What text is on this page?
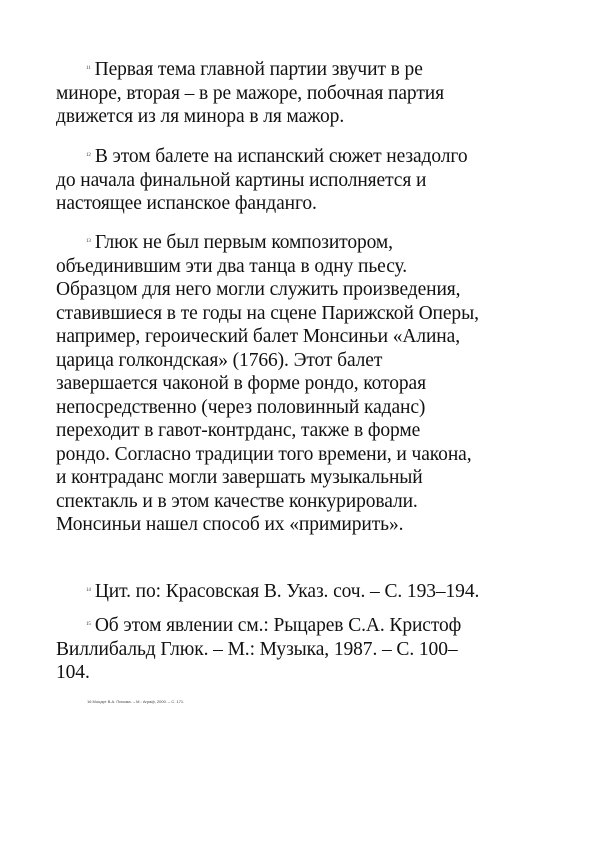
$^{11}$ Первая тема главной партии звучит в ре
миноре, вторая – в ре мажоре, побочная партия
движется из ля минора в ля мажор.

$^{12}$ В этом балете на испанский сюжет незадолго
до начала финальной картины исполняется и
настоящее испанское фанданго.

$^{13}$ Глюк не был первым композитором,
объединившим эти два танца в одну пьесу.
Образцом для него могли служить произведения,
ставившиеся в те годы на сцене Парижской Оперы,
например, героический балет Монсиньи «Алина,
царица голкондская» (1766). Этот балет
завершается чаконой в форме рондо, которая
непосредственно (через половинный каданс)
переходит в гавот-контрданс, также в форме
рондо. Согласно традиции того времени, и чакона,
и контраданс могли завершать музыкальный
спектакль и в этом качестве конкурировали.
Монсиньи нашел способ их «примирить».

$^{14}$ Цит. по: Красовская В. Указ. соч. – С. 193–194.

$^{15}$ Об этом явлении см.: Рыцарев С.А. Кристоф
Виллибальд Глюк. – М.: Музыка, 1987. – С. 100–
104.

16 Моцарт В.А. Письма. – М.: Аграф, 2000. – С. 171.
